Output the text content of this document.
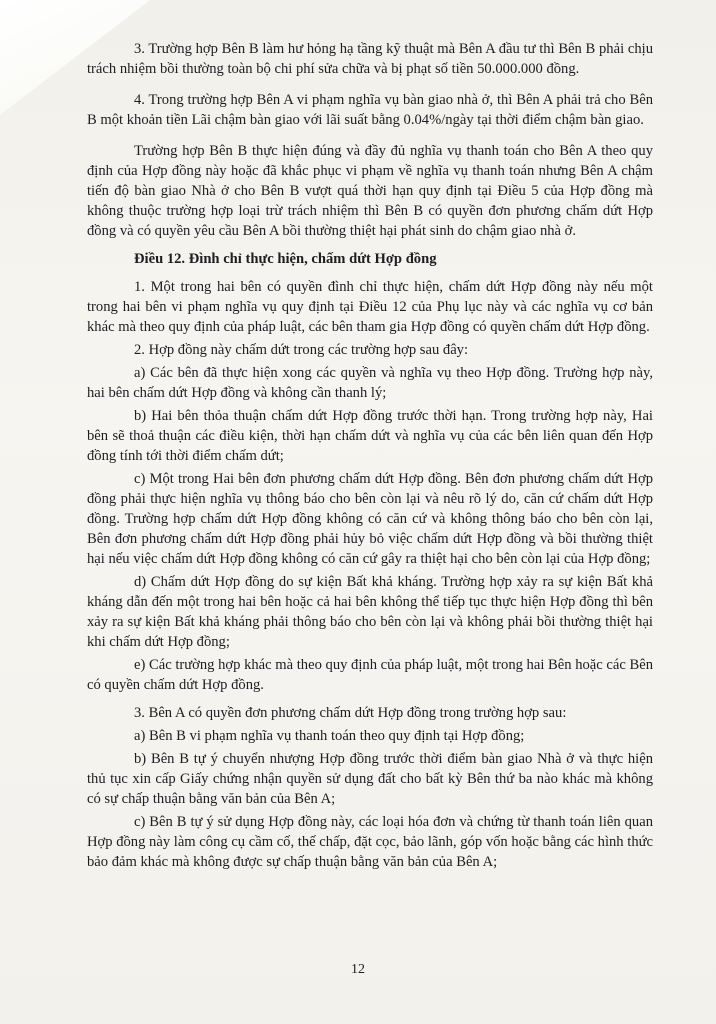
3. Trường hợp Bên B làm hư hỏng hạ tầng kỹ thuật mà Bên A đầu tư thì Bên B phải chịu trách nhiệm bồi thường toàn bộ chi phí sửa chữa và bị phạt số tiền 50.000.000 đồng.

4. Trong trường hợp Bên A vi phạm nghĩa vụ bàn giao nhà ở, thì Bên A phải trả cho Bên B một khoản tiền Lãi chậm bàn giao với lãi suất bằng 0.04%/ngày tại thời điểm chậm bàn giao.

Trường hợp Bên B thực hiện đúng và đầy đủ nghĩa vụ thanh toán cho Bên A theo quy định của Hợp đồng này hoặc đã khắc phục vi phạm về nghĩa vụ thanh toán nhưng Bên A chậm tiến độ bàn giao Nhà ở cho Bên B vượt quá thời hạn quy định tại Điều 5 của Hợp đồng mà không thuộc trường hợp loại trừ trách nhiệm thì Bên B có quyền đơn phương chấm dứt Hợp đồng và có quyền yêu cầu Bên A bồi thường thiệt hại phát sinh do chậm giao nhà ở.

Điều 12. Đình chỉ thực hiện, chấm dứt Hợp đồng

1. Một trong hai bên có quyền đình chỉ thực hiện, chấm dứt Hợp đồng này nếu một trong hai bên vi phạm nghĩa vụ quy định tại Điều 12 của Phụ lục này và các nghĩa vụ cơ bản khác mà theo quy định của pháp luật, các bên tham gia Hợp đồng có quyền chấm dứt Hợp đồng.

2. Hợp đồng này chấm dứt trong các trường hợp sau đây:

a) Các bên đã thực hiện xong các quyền và nghĩa vụ theo Hợp đồng. Trường hợp này, hai bên chấm dứt Hợp đồng và không cần thanh lý;

b) Hai bên thỏa thuận chấm dứt Hợp đồng trước thời hạn. Trong trường hợp này, Hai bên sẽ thoả thuận các điều kiện, thời hạn chấm dứt và nghĩa vụ của các bên liên quan đến Hợp đồng tính tới thời điểm chấm dứt;

c) Một trong Hai bên đơn phương chấm dứt Hợp đồng. Bên đơn phương chấm dứt Hợp đồng phải thực hiện nghĩa vụ thông báo cho bên còn lại và nêu rõ lý do, căn cứ chấm dứt Hợp đồng. Trường hợp chấm dứt Hợp đồng không có căn cứ và không thông báo cho bên còn lại, Bên đơn phương chấm dứt Hợp đồng phải hủy bỏ việc chấm dứt Hợp đồng và bồi thường thiệt hại nếu việc chấm dứt Hợp đồng không có căn cứ gây ra thiệt hại cho bên còn lại của Hợp đồng;

d) Chấm dứt Hợp đồng do sự kiện Bất khả kháng. Trường hợp xảy ra sự kiện Bất khả kháng dẫn đến một trong hai bên hoặc cả hai bên không thể tiếp tục thực hiện Hợp đồng thì bên xảy ra sự kiện Bất khả kháng phải thông báo cho bên còn lại và không phải bồi thường thiệt hại khi chấm dứt Hợp đồng;

e) Các trường hợp khác mà theo quy định của pháp luật, một trong hai Bên hoặc các Bên có quyền chấm dứt Hợp đồng.

3. Bên A có quyền đơn phương chấm dứt Hợp đồng trong trường hợp sau:

a) Bên B vi phạm nghĩa vụ thanh toán theo quy định tại Hợp đồng;

b) Bên B tự ý chuyển nhượng Hợp đồng trước thời điểm bàn giao Nhà ở và thực hiện thủ tục xin cấp Giấy chứng nhận quyền sử dụng đất cho bất kỳ Bên thứ ba nào khác mà không có sự chấp thuận bằng văn bản của Bên A;

c) Bên B tự ý sử dụng Hợp đồng này, các loại hóa đơn và chứng từ thanh toán liên quan Hợp đồng này làm công cụ cầm cố, thế chấp, đặt cọc, bảo lãnh, góp vốn hoặc bằng các hình thức bảo đảm khác mà không được sự chấp thuận bằng văn bản của Bên A;

12
